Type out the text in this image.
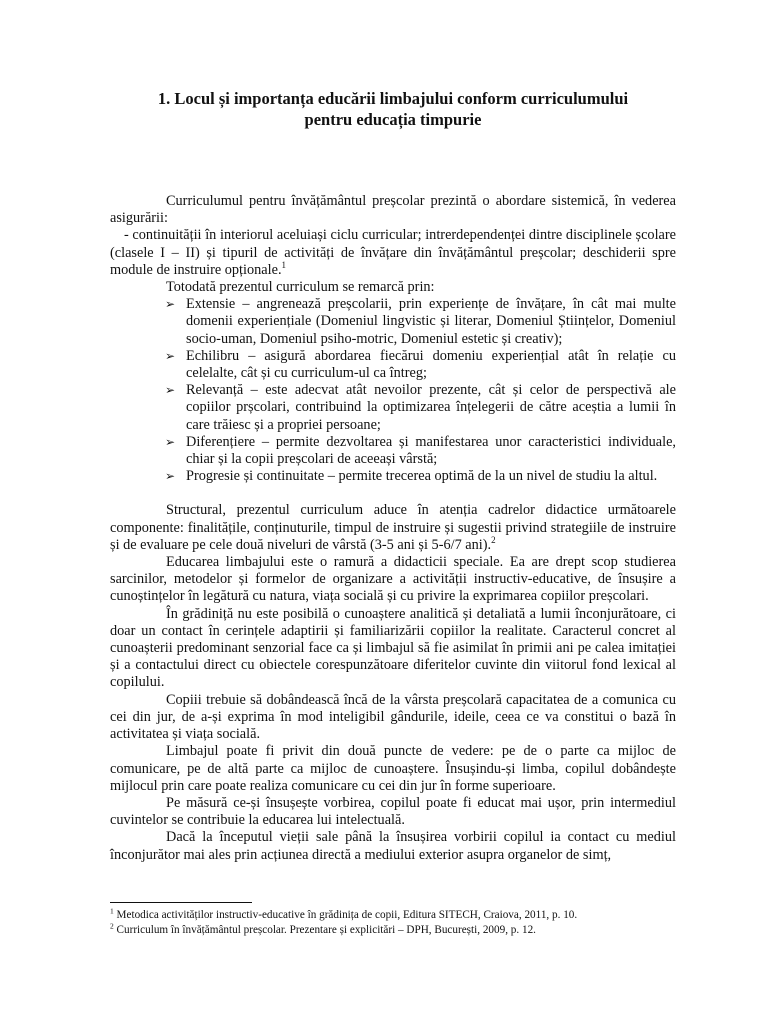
1. Locul și importanța educării limbajului conform curriculumului
pentru educația timpurie

Curriculumul pentru învățământul preșcolar prezintă o abordare sistemică, în vederea asigurării:

- continuității în interiorul aceluiași ciclu curricular; intrerdependenței dintre disciplinele școlare (clasele I – II) și tipuril de activități de învățare din învățământul preșcolar; deschiderii spre module de instruire opționale.$^1$

Totodată prezentul curriculum se remarcă prin:

➢ Extensie – angrenează preșcolarii, prin experiențe de învățare, în cât mai multe domenii experiențiale (Domeniul lingvistic și literar, Domeniul Științelor, Domeniul socio-uman, Domeniul psiho-motric, Domeniul estetic și creativ);
➢ Echilibru – asigură abordarea fiecărui domeniu experiențial atât în relație cu celelalte, cât și cu curriculum-ul ca întreg;
➢ Relevanță – este adecvat atât nevoilor prezente, cât și celor de perspectivă ale copiilor prșcolari, contribuind la optimizarea înțelegerii de către aceștia a lumii în care trăiesc și a propriei persoane;
➢ Diferențiere – permite dezvoltarea și manifestarea unor caracteristici individuale, chiar și la copii preșcolari de aceeași vârstă;
➢ Progresie și continuitate – permite trecerea optimă de la un nivel de studiu la altul.

Structural, prezentul curriculum aduce în atenția cadrelor didactice următoarele componente: finalitățile, conținuturile, timpul de instruire și sugestii privind strategiile de instruire și de evaluare pe cele două niveluri de vârstă (3-5 ani și 5-6/7 ani).$^2$

Educarea limbajului este o ramură a didacticii speciale. Ea are drept scop studierea sarcinilor, metodelor și formelor de organizare a activității instructiv-educative, de însușire a cunoștințelor în legătură cu natura, viața socială și cu privire la exprimarea copiilor preșcolari.

În grădiniță nu este posibilă o cunoaștere analitică și detaliată a lumii înconjurătoare, ci doar un contact în cerințele adaptirii și familiarizării copiilor la realitate. Caracterul concret al cunoașterii predominant senzorial face ca și limbajul să fie asimilat în primii ani pe calea imitației și a contactului direct cu obiectele corespunzătoare diferitelor cuvinte din viitorul fond lexical al copilului.

Copiii trebuie să dobândească încă de la vârsta preșcolară capacitatea de a comunica cu cei din jur, de a-și exprima în mod inteligibil gândurile, ideile, ceea ce va constitui o bază în activitatea și viața socială.

Limbajul poate fi privit din două puncte de vedere: pe de o parte ca mijloc de comunicare, pe de altă parte ca mijloc de cunoaștere. Însușindu-și limba, copilul dobândește mijlocul prin care poate realiza comunicare cu cei din jur în forme superioare.

Pe măsură ce-și însușește vorbirea, copilul poate fi educat mai ușor, prin intermediul cuvintelor se contribuie la educarea lui intelectuală.

Dacă la începutul vieții sale până la însușirea vorbirii copilul ia contact cu mediul înconjurător mai ales prin acțiunea directă a mediului exterior asupra organelor de simț,

$^1$ Metodica activităților instructiv-educative în grădinița de copii, Editura SITECH, Craiova, 2011, p. 10.

$^2$ Curriculum în învățământul preșcolar. Prezentare și explicitări – DPH, București, 2009, p. 12.
